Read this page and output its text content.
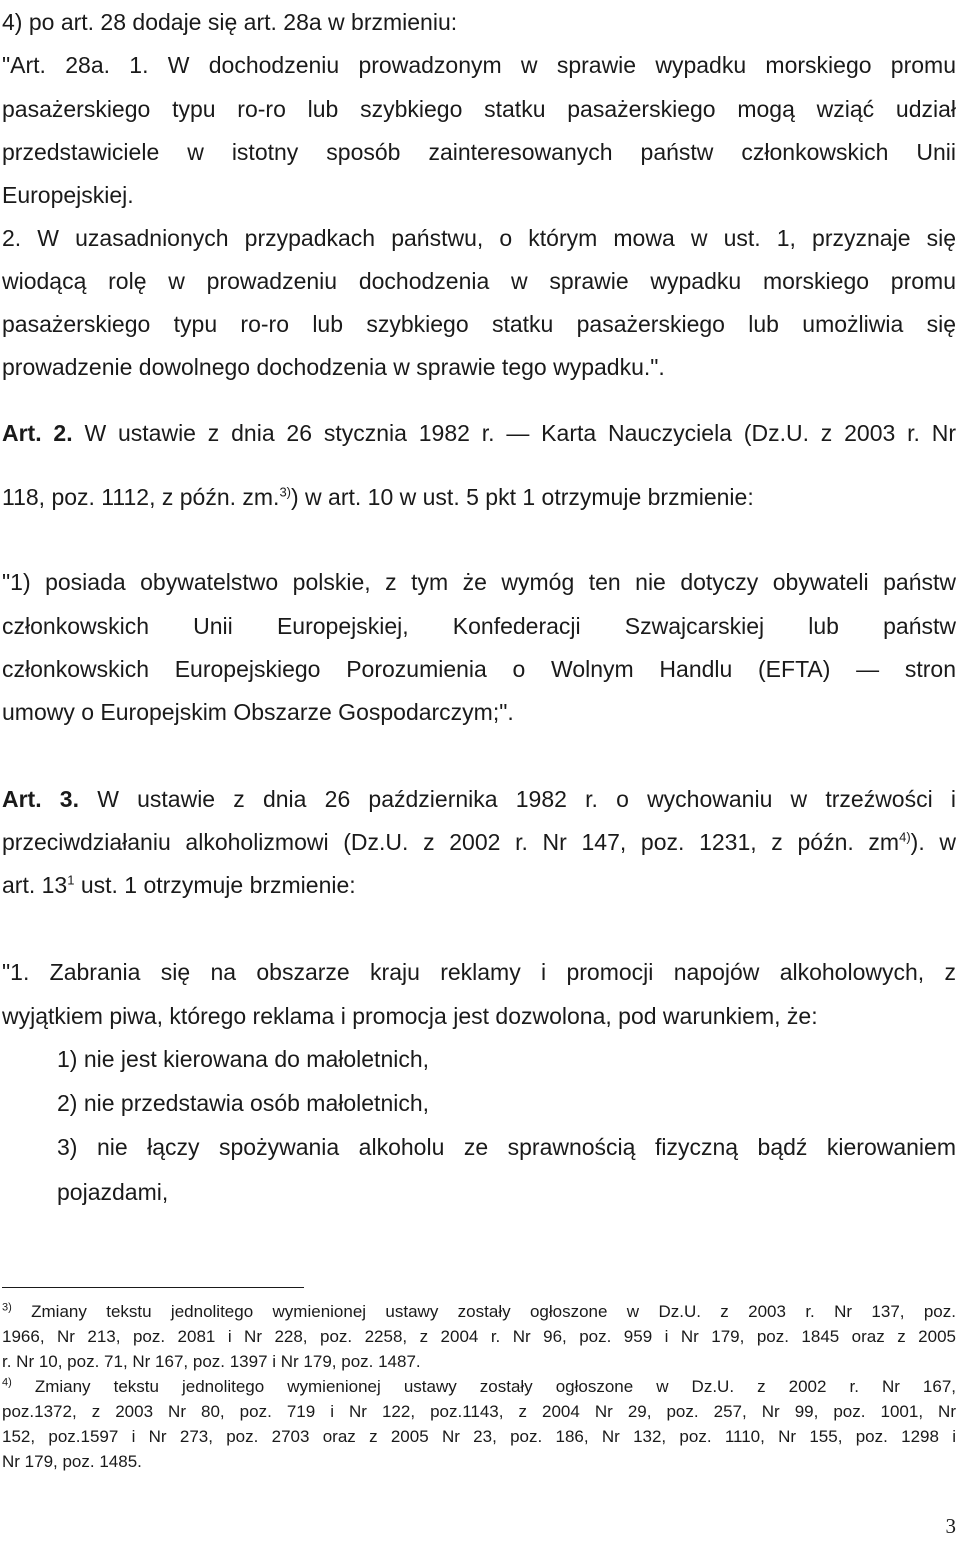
4) po art. 28 dodaje się art. 28a w brzmieniu:
"Art. 28a. 1. W dochodzeniu prowadzonym w sprawie wypadku morskiego promu
pasażerskiego typu ro-ro lub szybkiego statku pasażerskiego mogą wziąć udział
przedstawiciele w istotny sposób zainteresowanych państw członkowskich Unii
Europejskiej.
2. W uzasadnionych przypadkach państwu, o którym mowa w ust. 1, przyznaje się
wiodącą rolę w prowadzeniu dochodzenia w sprawie wypadku morskiego promu
pasażerskiego typu ro-ro lub szybkiego statku pasażerskiego lub umożliwia się
prowadzenie dowolnego dochodzenia w sprawie tego wypadku.".
Art. 2. W ustawie z dnia 26 stycznia 1982 r. — Karta Nauczyciela (Dz.U. z 2003 r. Nr
118, poz. 1112, z późn. zm.$^{3)}$) w art. 10 w ust. 5 pkt 1 otrzymuje brzmienie:
"1) posiada obywatelstwo polskie, z tym że wymóg ten nie dotyczy obywateli państw
członkowskich Unii Europejskiej, Konfederacji Szwajcarskiej lub państw
członkowskich Europejskiego Porozumienia o Wolnym Handlu (EFTA) — stron
umowy o Europejskim Obszarze Gospodarczym;".
Art. 3. W ustawie z dnia 26 października 1982 r. o wychowaniu w trzeźwości i
przeciwdziałaniu alkoholizmowi (Dz.U. z 2002 r. Nr 147, poz. 1231, z późn. $zm^{4)}$). w
art. $13^1$ ust. 1 otrzymuje brzmienie:
"1. Zabrania się na obszarze kraju reklamy i promocji napojów alkoholowych, z
wyjątkiem piwa, którego reklama i promocja jest dozwolona, pod warunkiem, że:
1) nie jest kierowana do małoletnich,
2) nie przedstawia osób małoletnich,
3) nie łączy spożywania alkoholu ze sprawnością fizyczną bądź kierowaniem
pojazdami,
$^{3)}$ Zmiany tekstu jednolitego wymienionej ustawy zostały ogłoszone w Dz.U. z 2003 r. Nr 137, poz.
1966, Nr 213, poz. 2081 i Nr 228, poz. 2258, z 2004 r. Nr 96, poz. 959 i Nr 179, poz. 1845 oraz z 2005
r. Nr 10, poz. 71, Nr 167, poz. 1397 i Nr 179, poz. 1487.
$^{4)}$ Zmiany tekstu jednolitego wymienionej ustawy zostały ogłoszone w Dz.U. z 2002 r. Nr 167,
poz.1372, z 2003 Nr 80, poz. 719 i Nr 122, poz.1143, z 2004 Nr 29, poz. 257, Nr 99, poz. 1001, Nr
152, poz.1597 i Nr 273, poz. 2703 oraz z 2005 Nr 23, poz. 186, Nr 132, poz. 1110, Nr 155, poz. 1298 i
Nr 179, poz. 1485.
3
